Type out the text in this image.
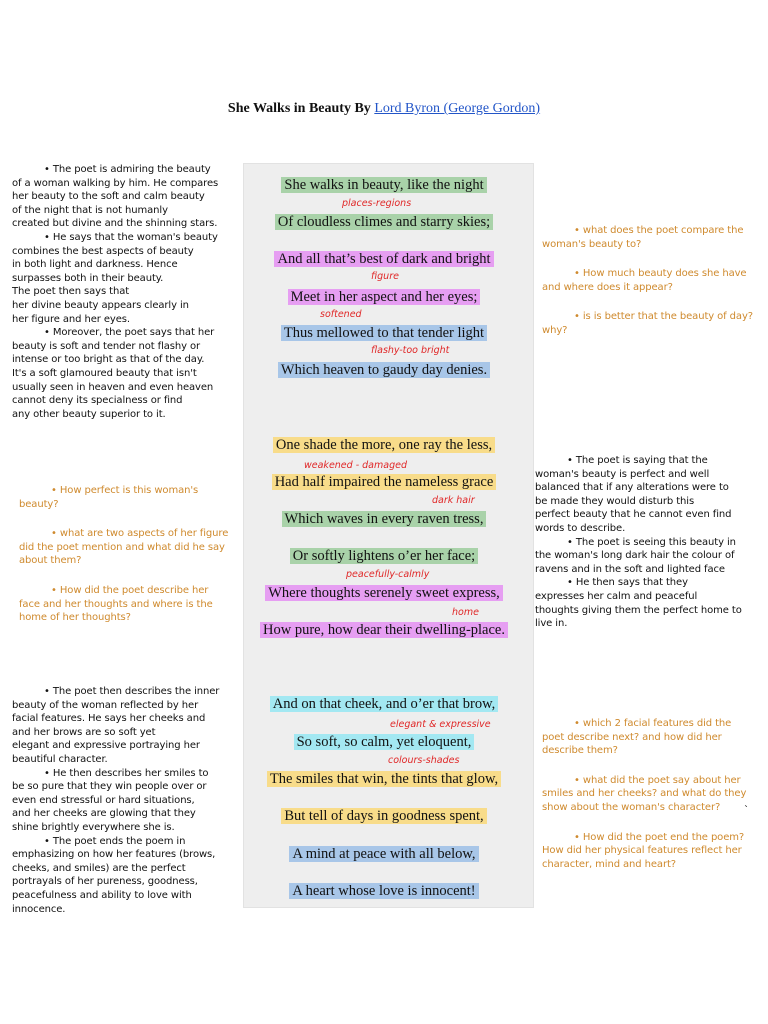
She Walks in Beauty By Lord Byron (George Gordon)
She walks in beauty, like the night
Of cloudless climes and starry skies;
And all that’s best of dark and bright
Meet in her aspect and her eyes;
Thus mellowed to that tender light
Which heaven to gaudy day denies.
One shade the more, one ray the less,
Had half impaired the nameless grace
Which waves in every raven tress,
Or softly lightens o’er her face;
Where thoughts serenely sweet express,
How pure, how dear their dwelling-place.
And on that cheek, and o’er that brow,
So soft, so calm, yet eloquent,
The smiles that win, the tints that glow,
But tell of days in goodness spent,
A mind at peace with all below,
A heart whose love is innocent!
places-regions
figure
softened
flashy-too bright
weakened - damaged
dark hair
peacefully-calmly
home
elegant & expressive
colours-shades

• The poet is admiring the beauty

of a woman walking by him. He compares

her beauty to the soft and calm beauty

of the night that is not humanly

created but divine and the shinning stars.

• He says that the woman's beauty

combines the best aspects of beauty

in both light and darkness. Hence

surpasses both in their beauty.

The poet then says that

her divine beauty appears clearly in

her figure and her eyes.

• Moreover, the poet says that her

beauty is soft and tender not flashy or

intense or too bright as that of the day.

It's a soft glamoured beauty that isn't

usually seen in heaven and even heaven

cannot deny its specialness or find

any other beauty superior to it.

• How perfect is this woman's beauty?

• what are two aspects of her figure did the poet mention and what did he say about them?

• How did the poet describe her face and her thoughts and where is the home of her thoughts?

• The poet then describes the inner

beauty of the woman reflected by her

facial features. He says her cheeks and

and her brows are so soft yet

elegant and expressive portraying her

beautiful character.

• He then describes her smiles to

be so pure that they win people over or

even end stressful or hard situations,

and her cheeks are glowing that they

shine brightly everywhere she is.

• The poet ends the poem in

emphasizing on how her features (brows,

cheeks, and smiles) are the perfect

portrayals of her pureness, goodness,

peacefulness and ability to love with

innocence.

• what does the poet compare the woman's beauty to?

• How much beauty does she have and where does it appear?

• is is better that the beauty of day? why?

• The poet is saying that the

woman's beauty is perfect and well

balanced that if any alterations were to

be made they would disturb this

perfect beauty that he cannot even find

words to describe.

• The poet is seeing this beauty in

the woman's long dark hair the colour of

ravens and in the soft and lighted face

• He then says that they

expresses her calm and peaceful

thoughts giving them the perfect home to

live in.

• which 2 facial features did the poet describe next? and how did her describe them?

• what did the poet say about her smiles and her cheeks? and what do they show about the woman's character?

• How did the poet end the poem? How did her physical features reflect her character, mind and heart?

`
